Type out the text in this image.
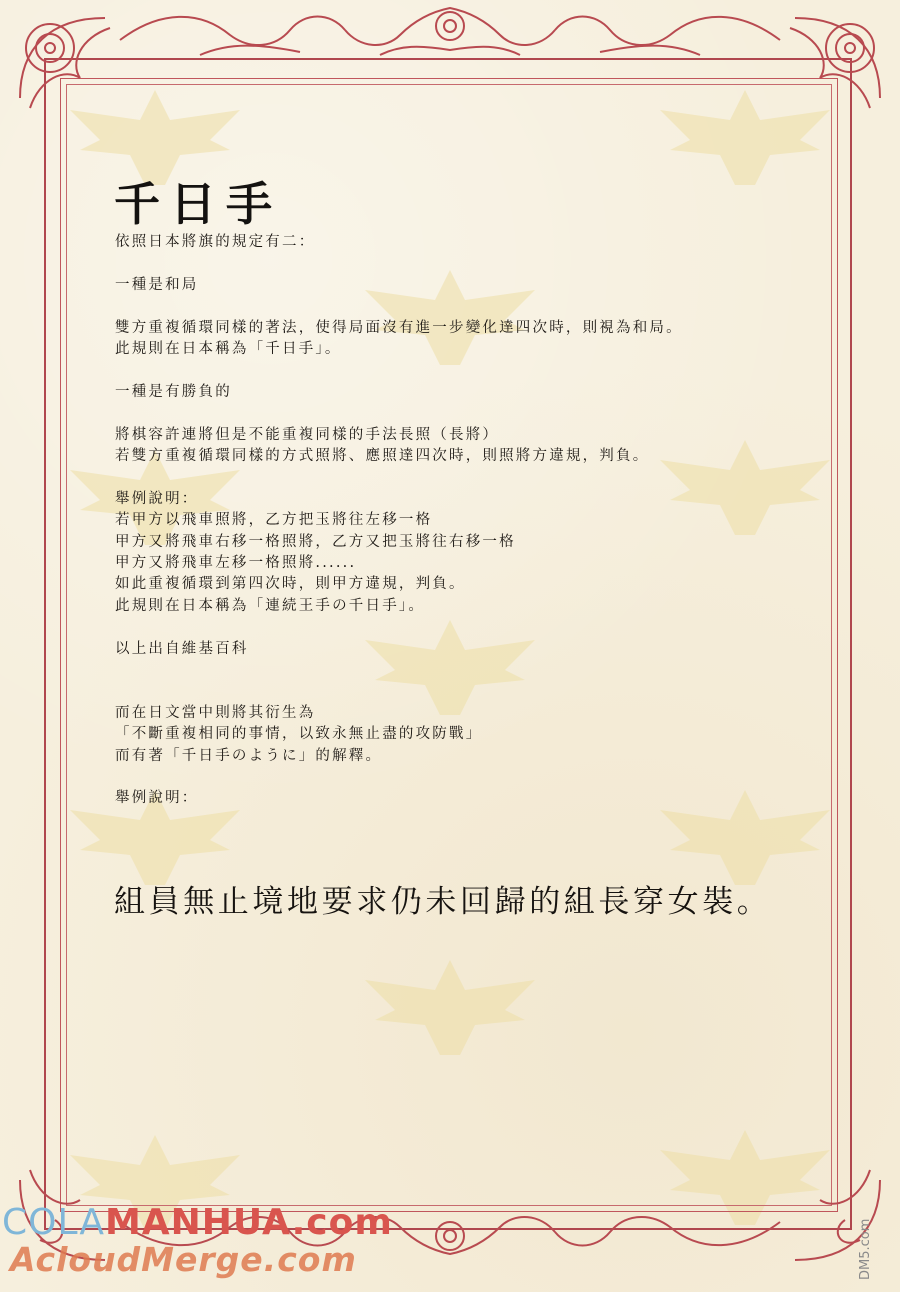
千日手

依照日本將旗的規定有二：

一種是和局

雙方重複循環同樣的著法，使得局面沒有進一步變化達四次時，則視為和局。

此規則在日本稱為「千日手」。

一種是有勝負的

將棋容許連將但是不能重複同樣的手法長照（長將）

若雙方重複循環同樣的方式照將、應照達四次時，則照將方違規，判負。

舉例說明：

若甲方以飛車照將，乙方把玉將往左移一格

甲方又將飛車右移一格照將，乙方又把玉將往右移一格

甲方又將飛車左移一格照將......

如此重複循環到第四次時，則甲方違規，判負。

此規則在日本稱為「連続王手の千日手」。

以上出自維基百科

而在日文當中則將其衍生為

「不斷重複相同的事情，以致永無止盡的攻防戰」

而有著「千日手のように」的解釋。

舉例說明：

組員無止境地要求仍未回歸的組長穿女裝。

COLAMANHUA.com
AcloudMerge.com	DM5.com
